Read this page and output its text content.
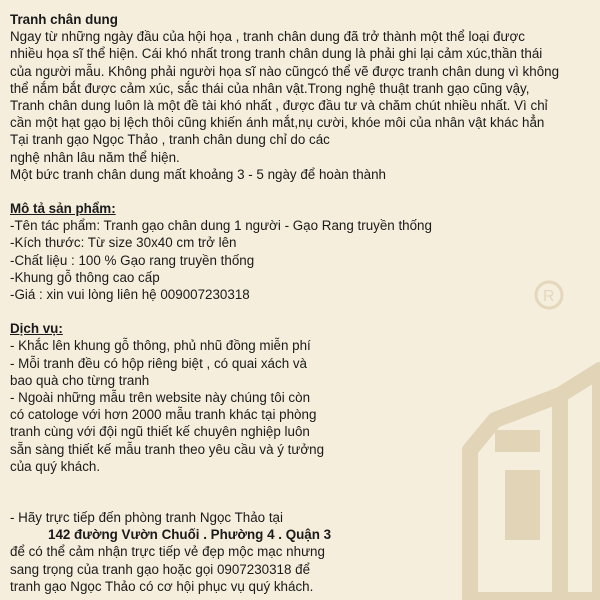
R
Tranh chân dung
Ngay từ những ngày đầu của hội họa , tranh chân dung đã trở thành một thể loại được
nhiều họa sĩ thể hiện. Cái khó nhất trong tranh chân dung là phải ghi lại cảm xúc,thần thái
của người mẫu. Không phải người họa sĩ nào cũngcó thể vẽ được tranh chân dung vì không
thể nắm bắt được cảm xúc, sắc thái của nhân vật.Trong nghệ thuật tranh gạo cũng vậy,
Tranh chân dung luôn là một đề tài khó nhất , được đầu tư và chăm chút nhiều nhất. Vì chỉ
cần một hạt gạo bị lệch thôi cũng khiến ánh mắt,nụ cười, khóe môi của nhân vật khác hẳn
Tại tranh gạo Ngọc Thảo , tranh chân dung chỉ do các
nghệ nhân lâu năm thể hiện.
Một bức tranh chân dung mất khoảng 3 - 5 ngày để hoàn thành
Mô tả sản phẩm:
-Tên tác phẩm: Tranh gạo chân dung 1 người - Gạo Rang truyền thống
-Kích thước: Từ size 30x40 cm trở lên
-Chất liệu : 100 % Gạo rang truyền thống
-Khung gỗ thông cao cấp
-Giá : xin vui lòng liên hệ 009007230318
Dịch vụ:
- Khắc lên khung gỗ thông, phủ nhũ đồng miễn phí
- Mỗi tranh đều có hộp riêng biệt , có quai xách và
bao quà cho từng tranh
- Ngoài những mẫu trên website này chúng tôi còn
có catologe với hơn 2000 mẫu tranh khác tại phòng
tranh cùng với đội ngũ thiết kế chuyên nghiệp luôn
sẵn sàng thiết kế mẫu tranh theo yêu cầu và ý tưởng
của quý khách.
- Hãy trực tiếp đến phòng tranh Ngọc Thảo tại
142 đường Vườn Chuối . Phường 4 . Quận 3
để có thể cảm nhận trực tiếp vẻ đẹp mộc mạc nhưng
sang trọng của tranh gạo hoặc gọi 0907230318 để
tranh gạo Ngọc Thảo có cơ hội phục vụ quý khách.
